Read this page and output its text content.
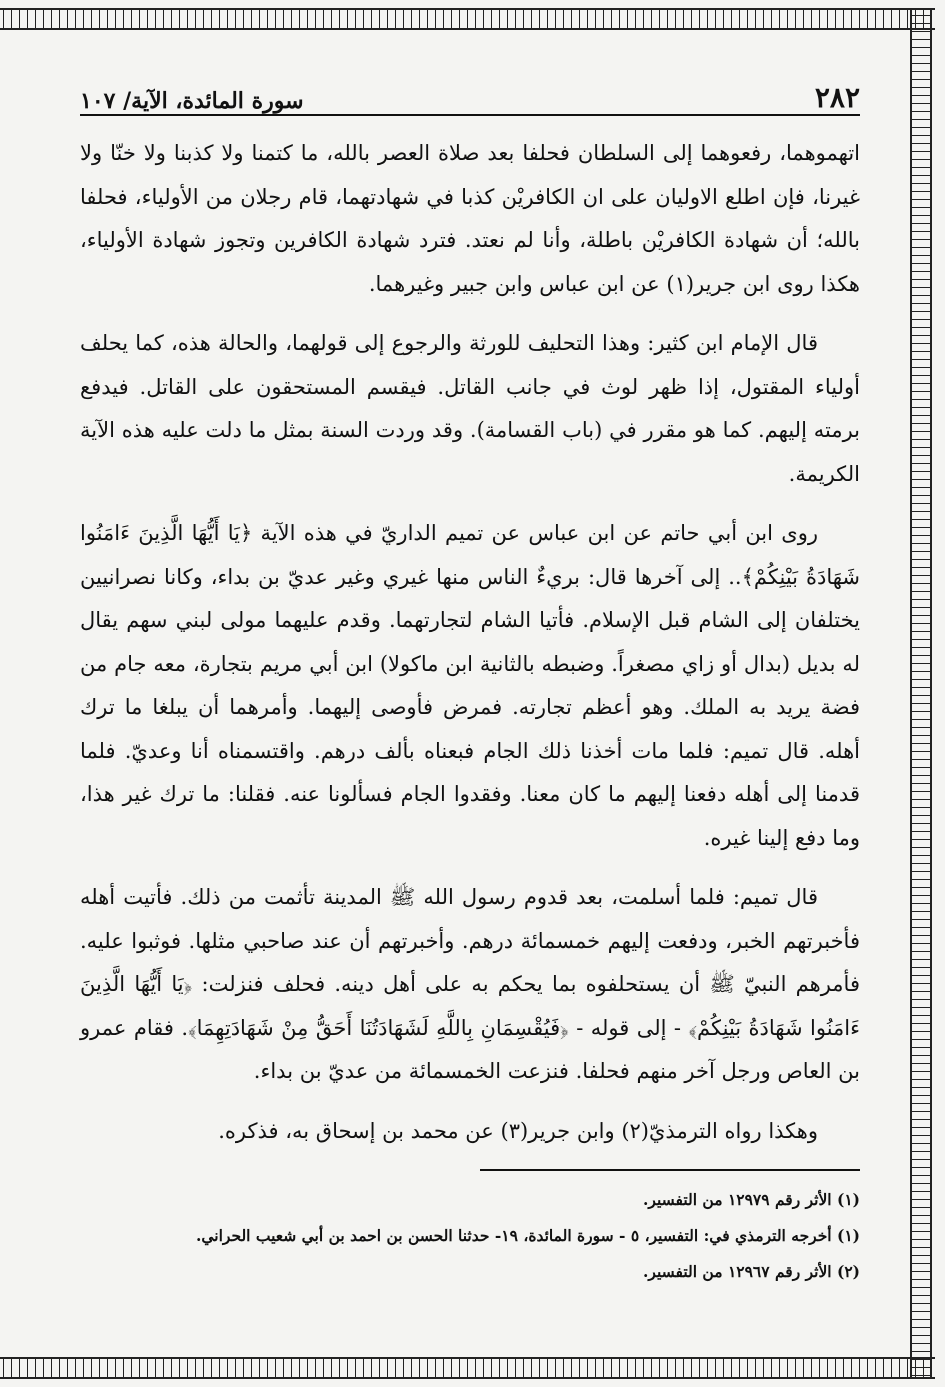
٢٨٢
سورة المائدة، الآية/ ١٠٧

اتهموهما، رفعوهما إلى السلطان فحلفا بعد صلاة العصر بالله، ما كتمنا ولا كذبنا ولا خنّا ولا غيرنا، فإن اطلع الاوليان على ان الكافريْن كذبا في شهادتهما، قام رجلان من الأولياء، فحلفا بالله؛ أن شهادة الكافريْن باطلة، وأنا لم نعتد. فترد شهادة الكافرين وتجوز شهادة الأولياء، هكذا روى ابن جرير(١) عن ابن عباس وابن جبير وغيرهما.

قال الإمام ابن كثير: وهذا التحليف للورثة والرجوع إلى قولهما، والحالة هذه، كما يحلف أولياء المقتول، إذا ظهر لوث في جانب القاتل. فيقسم المستحقون على القاتل. فيدفع برمته إليهم. كما هو مقرر في (باب القسامة). وقد وردت السنة بمثل ما دلت عليه هذه الآية الكريمة.

روى ابن أبي حاتم عن ابن عباس عن تميم الداريّ في هذه الآية ﴿يَا أَيُّهَا الَّذِينَ ءَامَنُوا شَهَادَةُ بَيْنِكُمْ﴾.. إلى آخرها قال: بريءٌ الناس منها غيري وغير عديّ بن بداء، وكانا نصرانيين يختلفان إلى الشام قبل الإسلام. فأتيا الشام لتجارتهما. وقدم عليهما مولى لبني سهم يقال له بديل (بدال أو زاي مصغراً. وضبطه بالثانية ابن ماكولا) ابن أبي مريم بتجارة، معه جام من فضة يريد به الملك. وهو أعظم تجارته. فمرض فأوصى إليهما. وأمرهما أن يبلغا ما ترك أهله. قال تميم: فلما مات أخذنا ذلك الجام فبعناه بألف درهم. واقتسمناه أنا وعديّ. فلما قدمنا إلى أهله دفعنا إليهم ما كان معنا. وفقدوا الجام فسألونا عنه. فقلنا: ما ترك غير هذا، وما دفع إلينا غيره.

قال تميم: فلما أسلمت، بعد قدوم رسول الله ﷺ المدينة تأثمت من ذلك. فأتيت أهله فأخبرتهم الخبر، ودفعت إليهم خمسمائة درهم. وأخبرتهم أن عند صاحبي مثلها. فوثبوا عليه. فأمرهم النبيّ ﷺ أن يستحلفوه بما يحكم به على أهل دينه. فحلف فنزلت: ﴿يَا أَيُّهَا الَّذِينَ ءَامَنُوا شَهَادَةُ بَيْنِكُمْ﴾ - إلى قوله - ﴿فَيُقْسِمَانِ بِاللَّهِ لَشَهَادَتُنَا أَحَقُّ مِنْ شَهَادَتِهِمَا﴾. فقام عمرو بن العاص ورجل آخر منهم فحلفا. فنزعت الخمسمائة من عديّ بن بداء.

وهكذا رواه الترمذيّ(٢) وابن جرير(٣) عن محمد بن إسحاق به، فذكره.

(١) الأثر رقم ١٢٩٧٩ من التفسير.

(١) أخرجه الترمذي في: التفسير، ٥ - سورة المائدة، ١٩- حدثنا الحسن بن احمد بن أبي شعيب الحراني.

(٢) الأثر رقم ١٢٩٦٧ من التفسير.
